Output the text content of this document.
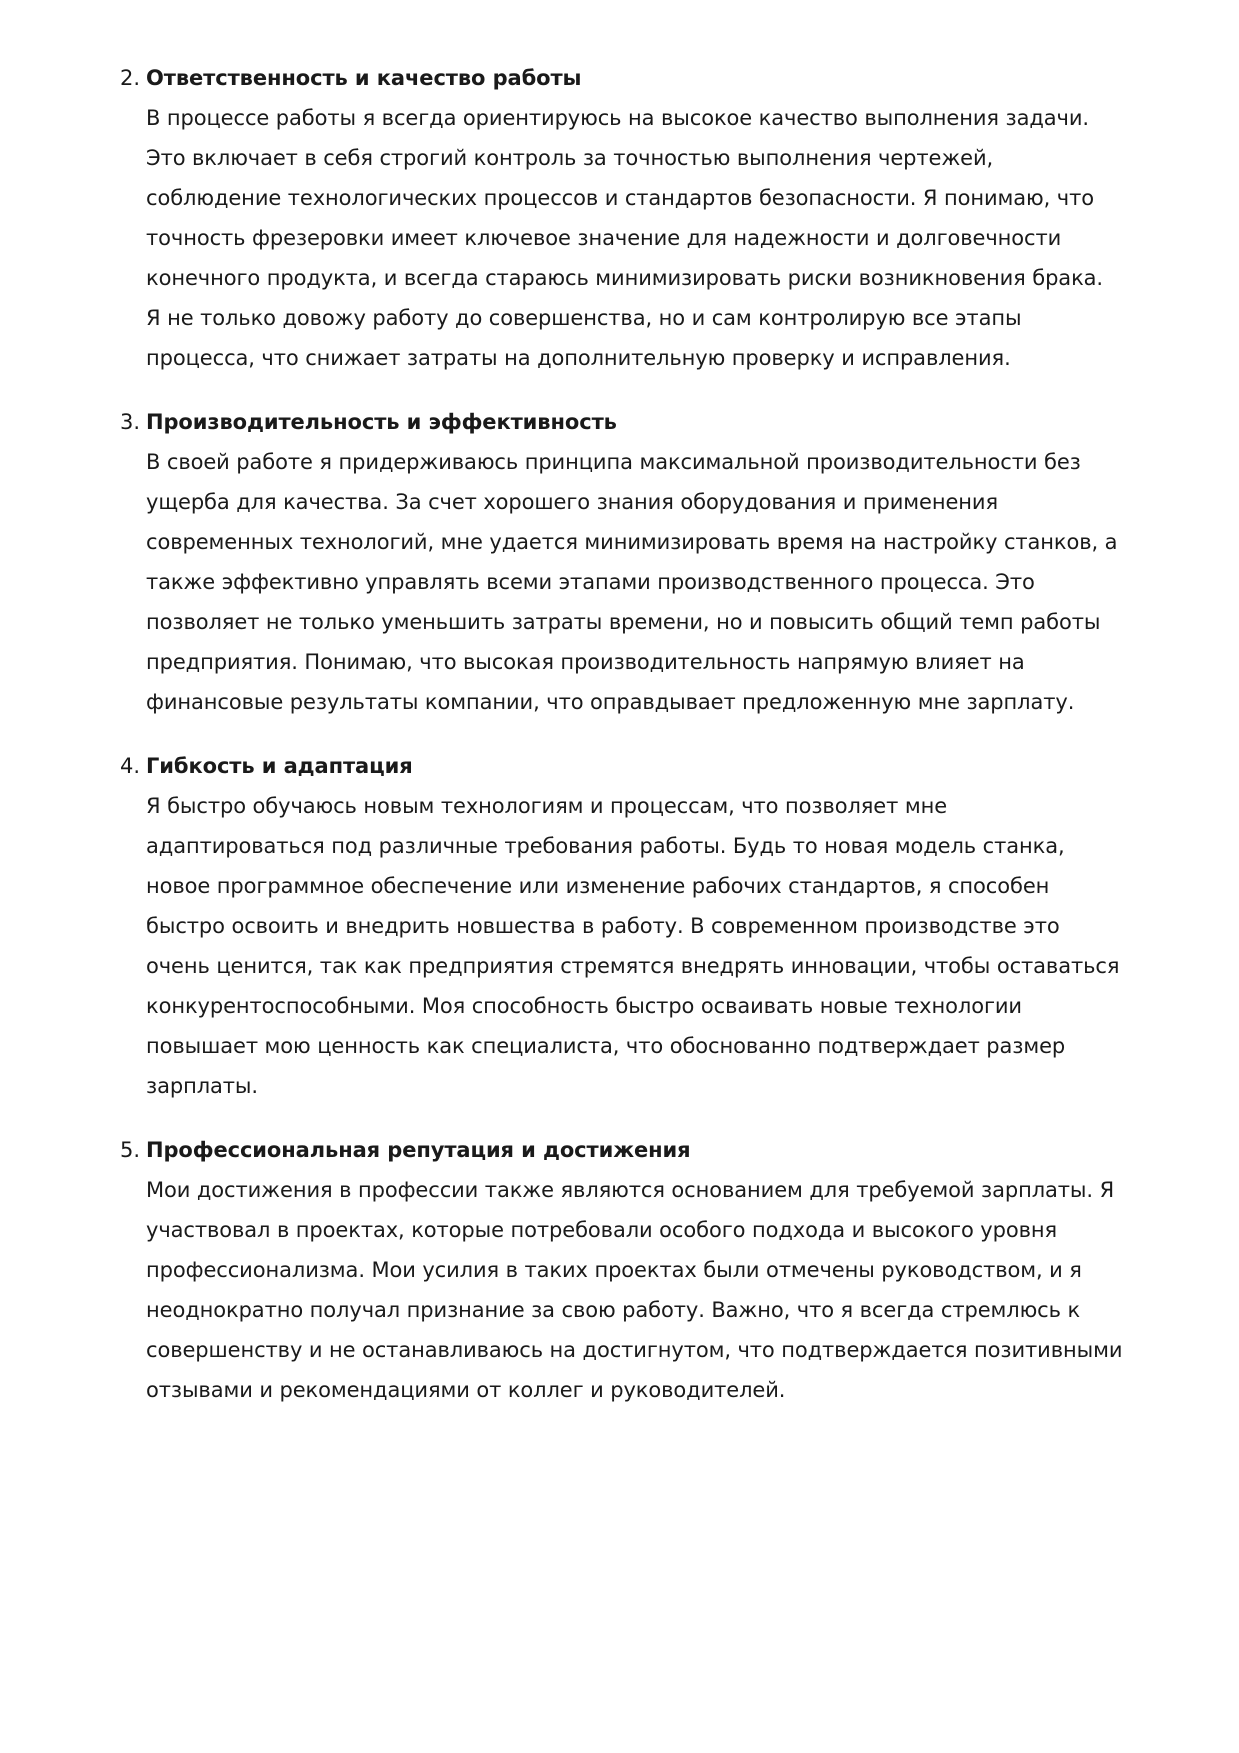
2. Ответственность и качество работы
В процессе работы я всегда ориентируюсь на высокое качество выполнения задачи.
Это включает в себя строгий контроль за точностью выполнения чертежей,
соблюдение технологических процессов и стандартов безопасности. Я понимаю, что
точность фрезеровки имеет ключевое значение для надежности и долговечности
конечного продукта, и всегда стараюсь минимизировать риски возникновения брака.
Я не только довожу работу до совершенства, но и сам контролирую все этапы
процесса, что снижает затраты на дополнительную проверку и исправления.
3. Производительность и эффективность
В своей работе я придерживаюсь принципа максимальной производительности без
ущерба для качества. За счет хорошего знания оборудования и применения
современных технологий, мне удается минимизировать время на настройку станков, а
также эффективно управлять всеми этапами производственного процесса. Это
позволяет не только уменьшить затраты времени, но и повысить общий темп работы
предприятия. Понимаю, что высокая производительность напрямую влияет на
финансовые результаты компании, что оправдывает предложенную мне зарплату.
4. Гибкость и адаптация
Я быстро обучаюсь новым технологиям и процессам, что позволяет мне
адаптироваться под различные требования работы. Будь то новая модель станка,
новое программное обеспечение или изменение рабочих стандартов, я способен
быстро освоить и внедрить новшества в работу. В современном производстве это
очень ценится, так как предприятия стремятся внедрять инновации, чтобы оставаться
конкурентоспособными. Моя способность быстро осваивать новые технологии
повышает мою ценность как специалиста, что обоснованно подтверждает размер
зарплаты.
5. Профессиональная репутация и достижения
Мои достижения в профессии также являются основанием для требуемой зарплаты. Я
участвовал в проектах, которые потребовали особого подхода и высокого уровня
профессионализма. Мои усилия в таких проектах были отмечены руководством, и я
неоднократно получал признание за свою работу. Важно, что я всегда стремлюсь к
совершенству и не останавливаюсь на достигнутом, что подтверждается позитивными
отзывами и рекомендациями от коллег и руководителей.
